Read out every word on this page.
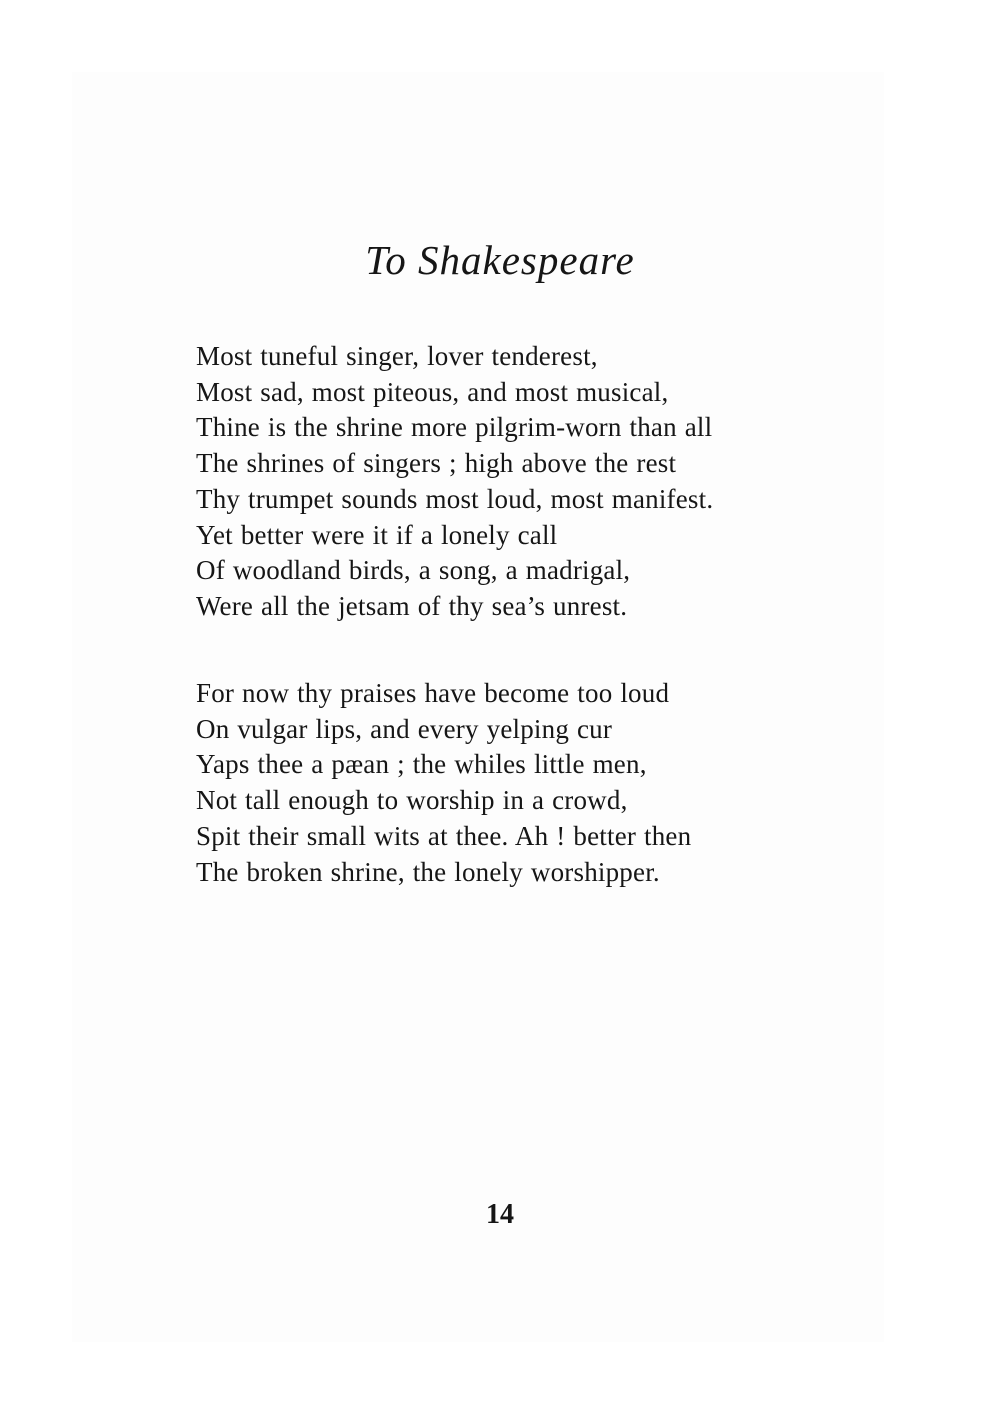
To Shakespeare
Most tuneful singer, lover tenderest,
Most sad, most piteous, and most musical,
Thine is the shrine more pilgrim-worn than all
The shrines of singers ; high above the rest
Thy trumpet sounds most loud, most manifest.
Yet better were it if a lonely call
Of woodland birds, a song, a madrigal,
Were all the jetsam of thy sea’s unrest.
For now thy praises have become too loud
On vulgar lips, and every yelping cur
Yaps thee a pæan ; the whiles little men,
Not tall enough to worship in a crowd,
Spit their small wits at thee. Ah ! better then
The broken shrine, the lonely worshipper.
14
